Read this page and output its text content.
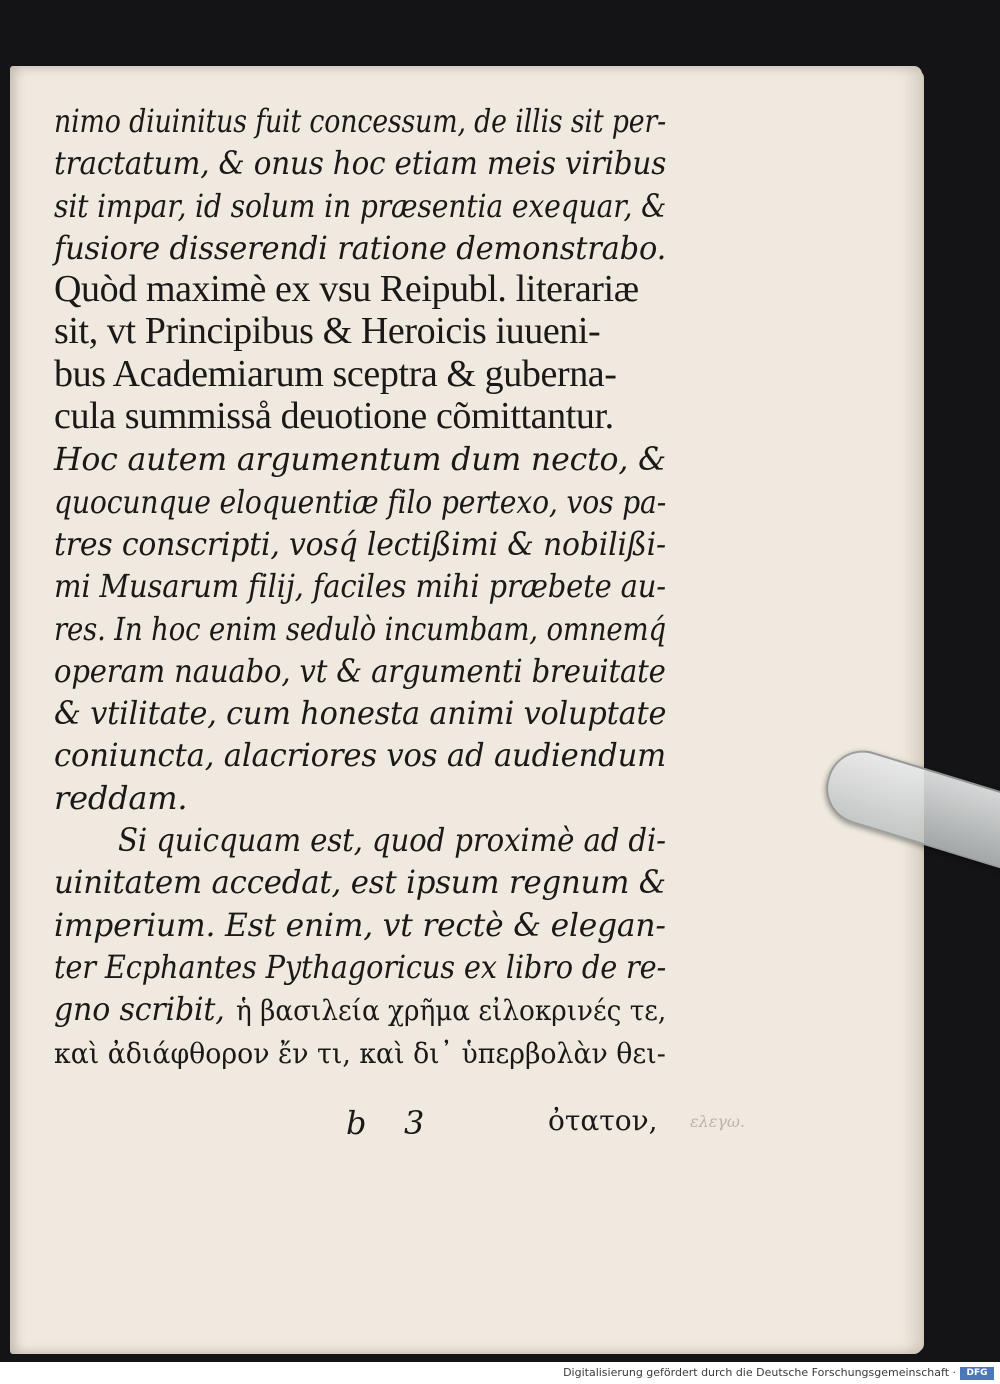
nimo diuinitus fuit concessum, de illis sit per-
tractatum, & onus hoc etiam meis viribus
sit impar, id solum in præsentia exequar, &
fusiore disserendi ratione demonstrabo.
Quòd maximè ex vsu Reipubl. literariæ
sit, vt Principibus & Heroicis iuueni-
bus Academiarum sceptra & guberna-
cula summisså deuotione cõmittantur.
Hoc autem argumentum dum necto, &
quocunque eloquentiæ filo pertexo, vos pa-
tres conscripti, vosq́ lectißimi & nobilißi-
mi Musarum filij, faciles mihi præbete au-
res. In hoc enim sedulò incumbam, omnemq́
operam nauabo, vt & argumenti breuitate
& vtilitate, cum honesta animi voluptate
coniuncta, alacriores vos ad audiendum
reddam.
Si quicquam est, quod proximè ad di-
uinitatem accedat, est ipsum regnum &
imperium. Est enim, vt rectè & elegan-
ter Ecphantes Pythagoricus ex libro de re-
gno scribit, ἡ βασιλεία χρῆμα εἰλοκρινές τε,
καὶ ἀδιάφθορον ἔν τι, καὶ δι᾽ ὑπερβολὰν θει-
b 3	ὀτατον, ελεγω.
Digitalisierung gefördert durch die Deutsche Forschungsgemeinschaft ·	DFG
